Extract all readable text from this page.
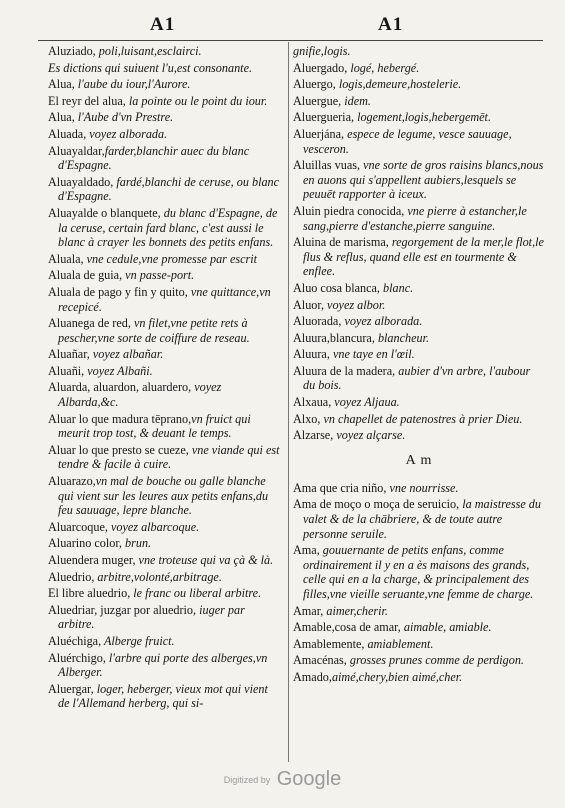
A1	A1
Aluziado, poli,luisant,esclairci.
Es dictions qui suiuent l'u,est consonante.
Alua, l'aube du iour,l'Aurore.
El reyr del alua, la pointe ou le point du iour.
Alua, l'Aube d'vn Prestre.
Aluada, voyez alborada.
Aluayaldar,farder,blanchir auec du blanc d'Espagne.
Aluayaldado, fardé,blanchi de ceruse, ou blanc d'Espagne.
Aluayalde o blanquete, du blanc d'Espagne, de la ceruse, certain fard blanc, c'est aussi le blanc à crayer les bonnets des petits enfans.
Aluala, vne cedule,vne promesse par escrit
Aluala de guia, vn passe-port.
Aluala de pago y fin y quito, vne quittance,vn recepicé.
Aluanega de red, vn filet,vne petite rets à pescher,vne sorte de coiffure de reseau.
Aluañar, voyez albañar.
Aluañi, voyez Albañi.
Aluarda, aluardon, aluardero, voyez Albarda,&c.
Aluar lo que madura tēprano,vn fruict qui meurit trop tost, & deuant le temps.
Aluar lo que presto se cueze, vne viande qui est tendre & facile à cuire.
Aluarazo,vn mal de bouche ou galle blanche qui vient sur les leures aux petits enfans,du feu sauuage, lepre blanche.
Aluarcoque, voyez albarcoque.
Aluarino color, brun.
Aluendera muger, vne troteuse qui va çà & là.
Aluedrio, arbitre,volonté,arbitrage.
El libre aluedrio, le franc ou liberal arbitre.
Aluedriar, juzgar por aluedrio, iuger par arbitre.
Aluéchiga, Alberge fruict.
Aluérchigo, l'arbre qui porte des alberges,vn Alberger.
Aluergar, loger, heberger, vieux mot qui vient de l'Allemand herberg, qui si-
gnifie,logis.
Aluergado, logé, hebergé.
Aluergo, logis,demeure,hostelerie.
Aluergue, idem.
Aluergueria, logement,logis,hebergemēt.
Aluerjána, espece de legume, vesce sauuage, vesceron.
Aluillas vuas, vne sorte de gros raisins blancs,nous en auons qui s'appellent aubiers,lesquels se peuuēt rapporter à iceux.
Aluin piedra conocida, vne pierre à estancher,le sang,pierre d'estanche,pierre sanguine.
Aluina de marisma, regorgement de la mer,le flot,le flus & reflus, quand elle est en tourmente & enflee.
Aluo cosa blanca, blanc.
Aluor, voyez albor.
Aluorada, voyez alborada.
Aluura,blancura, blancheur.
Aluura, vne taye en l'œil.
Aluura de la madera, aubier d'vn arbre, l'aubour du bois.
Alxaua, voyez Aljaua.
Alxo, vn chapellet de patenostres à prier Dieu.
Alzarse, voyez alçarse.
A m
Ama que cria niño, vne nourrisse.
Ama de moço o moça de seruicio, la maistresse du valet & de la chābriere, & de toute autre personne seruile.
Ama, gouuernante de petits enfans, comme ordinairement il y en a ès maisons des grands, celle qui en a la charge, & principalement des filles,vne vieille seruante,vne femme de charge.
Amar, aimer,cherir.
Amable,cosa de amar, aimable, amiable.
Amablemente, amiablement.
Amacénas, grosses prunes comme de perdigon.
Amado,aimé,chery,bien aimé,cher.
Digitized by Google
